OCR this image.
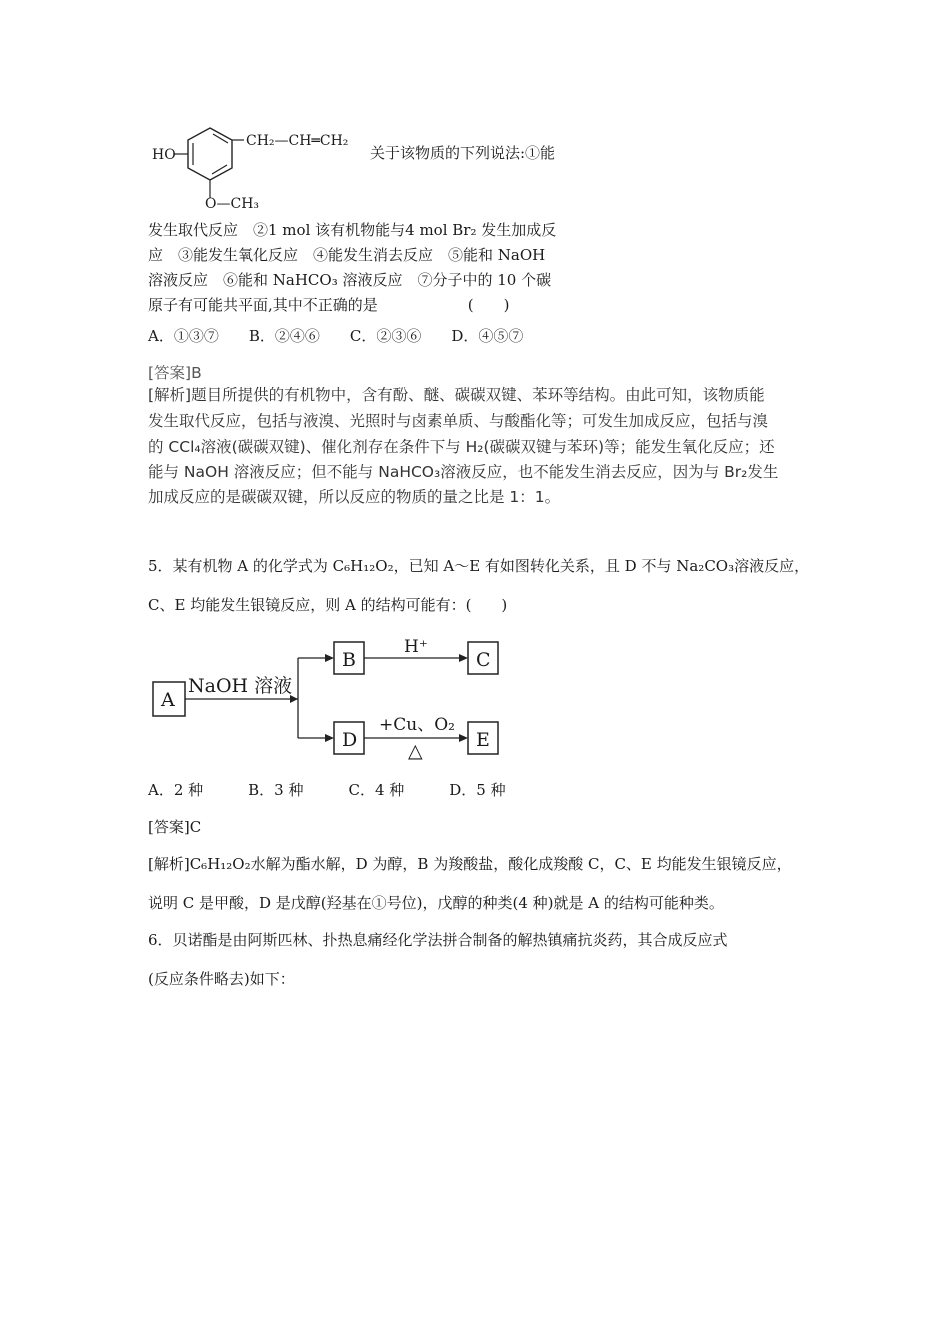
HO
CH₂—CH═CH₂
O—CH₃
关于该物质的下列说法:①能
发生取代反应　②1 mol 该有机物能与4 mol Br₂ 发生加成反
应　③能发生氧化反应　④能发生消去反应　⑤能和 NaOH
溶液反应　⑥能和 NaHCO₃ 溶液反应　⑦分子中的 10 个碳
原子有可能共平面,其中不正确的是　　　　　　(　　)
A．①③⑦　　B．②④⑥　　C．②③⑥　　D．④⑤⑦
[答案]B
[解析]题目所提供的有机物中，含有酚、醚、碳碳双键、苯环等结构。由此可知，该物质能
发生取代反应，包括与液溴、光照时与卤素单质、与酸酯化等；可发生加成反应，包括与溴
的 CCl₄溶液(碳碳双键)、催化剂存在条件下与 H₂(碳碳双键与苯环)等；能发生氧化反应；还
能与 NaOH 溶液反应；但不能与 NaHCO₃溶液反应，也不能发生消去反应，因为与 Br₂发生
加成反应的是碳碳双键，所以反应的物质的量之比是 1：1。
5．某有机物 A 的化学式为 C₆H₁₂O₂，已知 A～E 有如图转化关系，且 D 不与 Na₂CO₃溶液反应，
C、E 均能发生银镜反应，则 A 的结构可能有：(　　)
A
B	C
D	E
NaOH 溶液
H⁺
+Cu、O₂
△
A．2 种　　　B．3 种　　　C．4 种　　　D．5 种
[答案]C
[解析]C₆H₁₂O₂水解为酯水解，D 为醇，B 为羧酸盐，酸化成羧酸 C，C、E 均能发生银镜反应，
说明 C 是甲酸，D 是戊醇(羟基在①号位)，戊醇的种类(4 种)就是 A 的结构可能种类。
6．贝诺酯是由阿斯匹林、扑热息痛经化学法拼合制备的解热镇痛抗炎药，其合成反应式
(反应条件略去)如下：
